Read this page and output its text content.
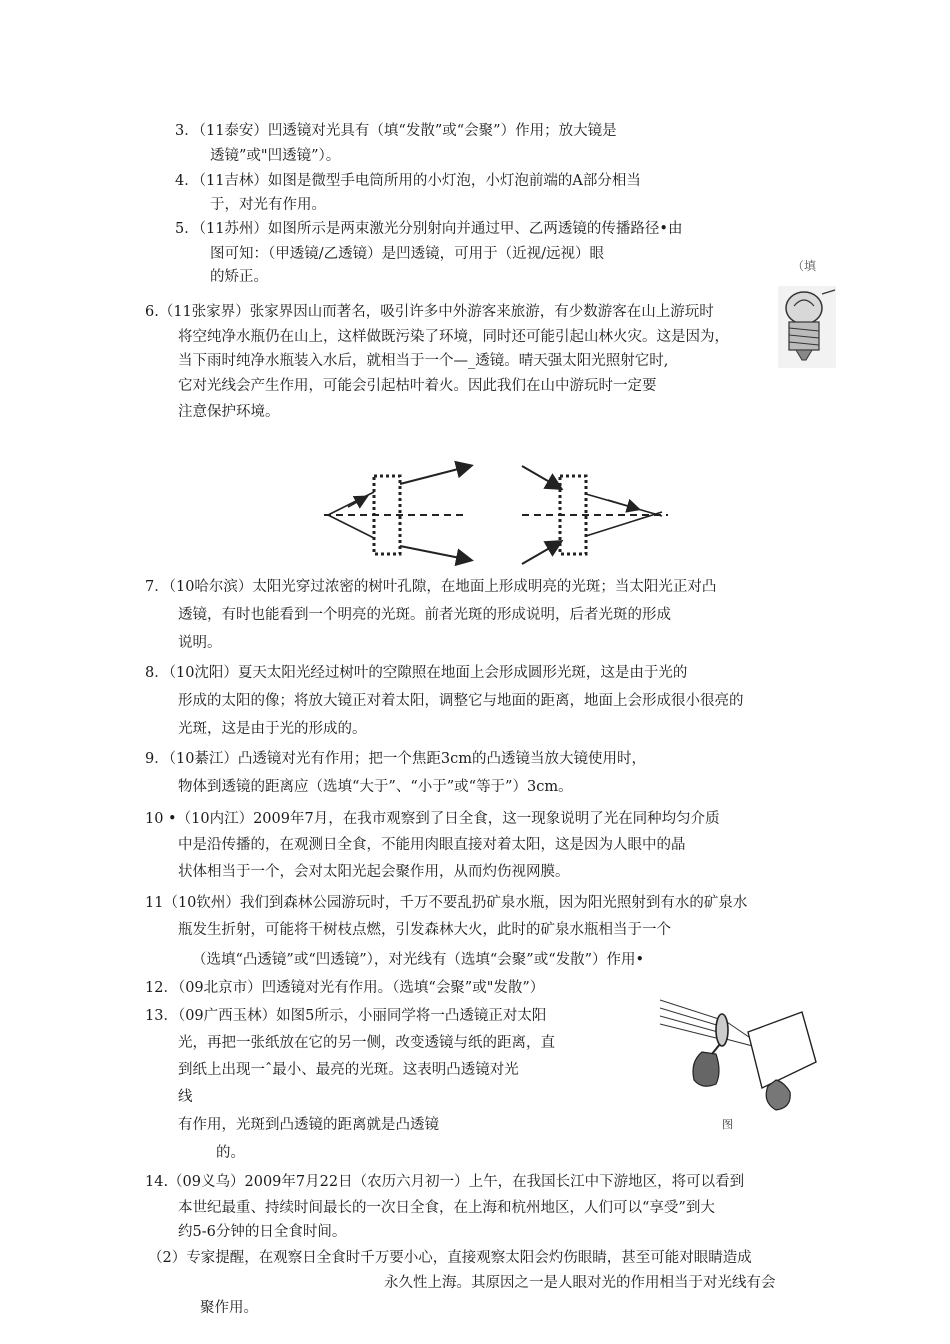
3．（11泰安）凹透镜对光具有（填“发散”或“会聚”）作用；放大镜是
透镜”或"凹透镜”）。
4．（11吉林）如图是微型手电筒所用的小灯泡，小灯泡前端的A部分相当
于，对光有作用。
5．（11苏州）如图所示是两束激光分别射向并通过甲、乙两透镜的传播路径•由
图可知：（甲透镜/乙透镜）是凹透镜，可用于（近视/远视）眼
的矫正。
（填
6.（11张家界）张家界因山而著名，吸引许多中外游客来旅游，有少数游客在山上游玩时
将空纯净水瓶仍在山上，这样做既污染了环境，同时还可能引起山林火灾。这是因为，
当下雨时纯净水瓶装入水后，就相当于一个—_透镜。晴天强太阳光照射它时,
它对光线会产生作用，可能会引起枯叶着火。因此我们在山中游玩时一定要
注意保护环境。
7．（10哈尔滨）太阳光穿过浓密的树叶孔隙，在地面上形成明亮的光斑；当太阳光正对凸
透镜，有时也能看到一个明亮的光斑。前者光斑的形成说明，后者光斑的形成
说明。
8．（10沈阳）夏天太阳光经过树叶的空隙照在地面上会形成圆形光斑，这是由于光的
形成的太阳的像；将放大镜正对着太阳，调整它与地面的距离，地面上会形成很小很亮的
光斑，这是由于光的形成的。
9．（10綦江）凸透镜对光有作用；把一个焦距3cm的凸透镜当放大镜使用时，
物体到透镜的距离应（选填“大于”、“小于”或“等于”）3cm。
10 •（10内江）2009年7月，在我市观察到了日全食，这一现象说明了光在同种均匀介质
中是沿传播的，在观测日全食，不能用肉眼直接对着太阳，这是因为人眼中的晶
状体相当于一个，会对太阳光起会聚作用，从而灼伤视网膜。
11（10钦州）我们到森林公园游玩时，千万不要乱扔矿泉水瓶，因为阳光照射到有水的矿泉水
瓶发生折射，可能将干树枝点燃，引发森林大火，此时的矿泉水瓶相当于一个
（选填“凸透镜”或“凹透镜”），对光线有（选填“会聚”或“发散”）作用•
12．（09北京市）凹透镜对光有作用。（选填“会聚”或"发散”）
13．（09广西玉林）如图5所示，小丽同学将一凸透镜正对太阳
光，再把一张纸放在它的另一侧，改变透镜与纸的距离，直
到纸上出现一ˆ最小、最亮的光斑。这表明凸透镜对光
线
有作用，光斑到凸透镜的距离就是凸透镜
的。
图
14.（09义乌）2009年7月22日（农历六月初一）上午，在我国长江中下游地区，将可以看到
本世纪最重、持续时间最长的一次日全食，在上海和杭州地区，人们可以“享受”到大
约5-6分钟的日全食时间。
（2）专家提醒，在观察日全食时千万要小心，直接观察太阳会灼伤眼睛，甚至可能对眼睛造成
永久性上海。其原因之一是人眼对光的作用相当于对光线有会
聚作用。
